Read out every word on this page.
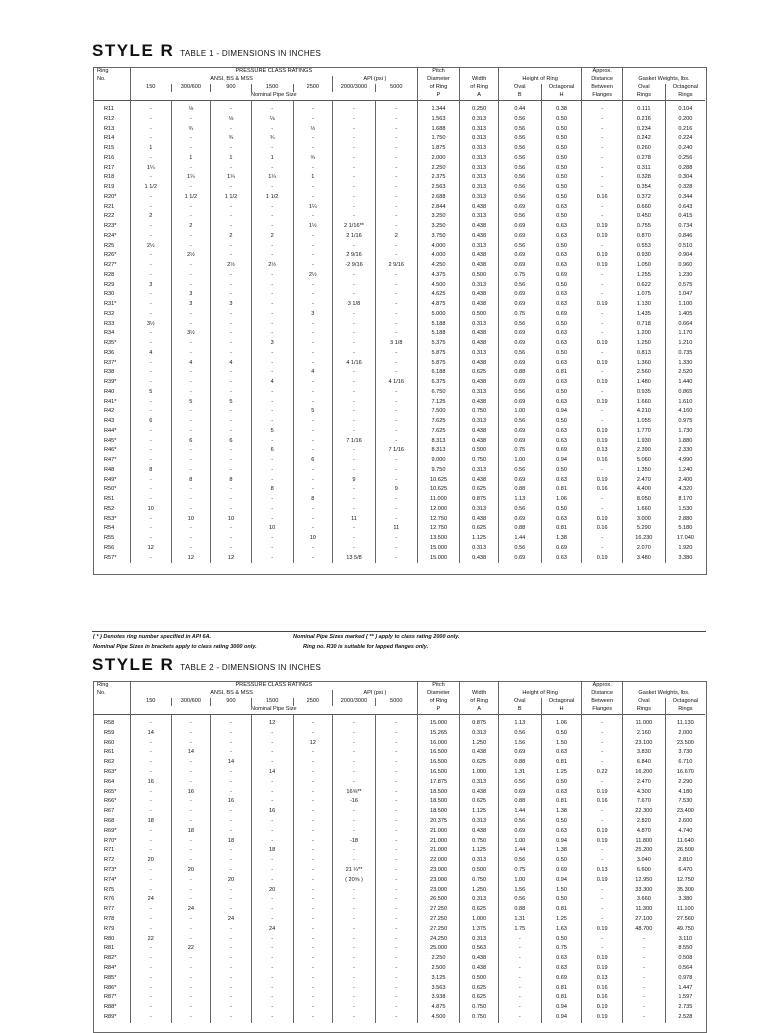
STYLE R TABLE 1 - DIMENSIONS IN INCHES
Ring	PRESSURE CLASS RATINGS							Pitch				Approx.		
No.	ANSI, BS & MSS					API (psi )		Diameter	Width	Height of Ring		Distance	Gasket Weights, lbs.	
	150	300/600	900	1500	2500	2000/3000	5000	of Ring	of Ring	Oval	Octagonal	Between	Oval	Octagonal
	Nominal Pipe Size							P	A	B	H	Flanges	Rings	Rings

R11	-	⅛	-	-	-	-	-	1.344	0.250	0.44	0.38	-	0.111	0.104
R12	-	-	⅛	⅛	-	-	-	1.563	0.313	0.56	0.50	-	0.216	0.200
R13	-	¾	-	-	½	-	-	1.688	0.313	0.56	0.50	-	0.234	0.216
R14	-	-	¾	¾	-	-	-	1.750	0.313	0.56	0.50	-	0.242	0.224
R15	1	-	-	-	-	-	-	1.875	0.313	0.56	0.50	-	0.260	0.240
R16	-	1	1	1	¾	-	-	2.000	0.313	0.56	0.50	-	0.278	0.256
R17	1¼	-	-	-	-	-	-	2.250	0.313	0.56	0.50	-	0.311	0.288
R18	-	1¼	1¼	1¼	1	-	-	2.375	0.313	0.56	0.50	-	0.328	0.304
R19	1 1/2	-	-	-	-	-	-	2.563	0.313	0.56	0.50	-	0.354	0.328
R20*	-	1 1/2	1 1/2	1 1/2	-	-	-	2.688	0.313	0.56	0.50	0.16	0.372	0.344
R21	-	-	-	-	1¼	-	-	2.844	0.438	0.69	0.63	-	0.660	0.643
R22	2	-	-	-	-	-	-	3.250	0.313	0.56	0.50	-	0.450	0.415
R23*	-	2	-	-	1½	2 1/16**	-	3.250	0.438	0.69	0.63	0.19	0.755	0.734
R24*	-	-	2	2	-	2 1/16	2	3.750	0.438	0.69	0.63	0.19	0.870	0.846
R25	2½	-	-	-	-	-	-	4.000	0.313	0.56	0.50	-	0.553	0.510
R26*	-	2½	-	-	-	2 9/16	-	4.000	0.438	0.69	0.63	0.19	0.930	0.904
R27*	-	-	2½	2½	-	-2 9/16	2 9/16	4.250	0.438	0.69	0.63	0.19	1.050	0.960
R28	-	-	-	-	2½	-	-	4.375	0.500	0.75	0.69	-	1.255	1.230
R29	3	-	-	-	-	-	-	4.500	0.313	0.56	0.50	-	0.622	0.575
R30	-	3	-	-	-	-	-	4.625	0.438	0.69	0.63	-	1.075	1.047
R31*	-	3	3	-	-	3 1/8	-	4.875	0.438	0.69	0.63	0.19	1.130	1.100
R32	-	-	-	-	3	-	-	5.000	0.500	0.75	0.69	-	1.435	1.405
R33	3½	-	-	-	-	-	-	5.188	0.313	0.56	0.50	-	0.718	0.664
R34	-	3½	-	-	-	-	-	5.188	0.438	0.69	0.63	-	1.200	1.170
R35*	-	-	-	3	-	-	3 1/8	5.375	0.438	0.69	0.63	0.19	1.250	1.210
R36	4	-	-	-	-	-	-	5.875	0.313	0.56	0.50	-	0.813	0.735
R37*	-	4	4	-	-	4 1/16	-	5.875	0.438	0.69	0.63	0.19	1.360	1.330
R38	-	-	-	-	4	-	-	6.188	0.625	0.88	0.81	-	2.560	2.520
R39*	-	-	-	4	-	-	4 1/16	6.375	0.438	0.69	0.63	0.19	1.480	1.440
R40	5	-	-	-	-	-	-	6.750	0.313	0.56	0.50	-	0.935	0.865
R41*	-	5	5	-	-	-	-	7.125	0.438	0.69	0.63	0.19	1.660	1.610
R42	-	-	-	-	5	-	-	7.500	0.750	1.00	0.94	-	4.210	4.160
R43	6	-	-	-	-	-	-	7.625	0.313	0.56	0.50	-	1.055	0.975
R44*	-	-	-	5	-	-	-	7.625	0.438	0.69	0.63	0.19	1.770	1.730
R45*	-	6	6	-	-	7 1/16	-	8.313	0.438	0.69	0.63	0.19	1.930	1.880
R46*	-	-	-	6	-	-	7 1/16	8.313	0.500	0.75	0.69	0.13	2.390	2.330
R47*	-	-	-	-	6	-	-	9.000	0.750	1.00	0.94	0.16	5.060	4.990
R48	8	-	-	-	-	-	-	9.750	0.313	0.56	0.50	-	1.350	1.240
R49*	-	8	8	-	-	9	-	10.625	0.438	0.69	0.63	0.19	2.470	2.400
R50*	-	-	-	8	-	-	9	10.625	0.625	0.88	0.81	0.16	4.400	4.320
R51	-	-	-	-	8	-	-	11.000	0.875	1.13	1.06	-	8.050	8.170
R52	10	-	-	-	-	-	-	12.000	0.313	0.56	0.50	-	1.660	1.530
R53*	-	10	10	-	-	11	-	12.750	0.438	0.69	0.63	0.19	3.000	2.880
R54	-	-	-	10	-	-	11	12.750	0.625	0.88	0.81	0.16	5.290	5.180
R55	-	-	-	-	10	-	-	13.500	1.125	1.44	1.38	-	16.230	17.040
R56	12	-	-	-	-	-	-	15.000	0.313	0.56	0.69	-	2.070	1.920
R57*	-	12	12	-	-	13 5/8	-	15.000	0.438	0.69	0.63	0.19	3.480	3.380
( * ) Denotes ring number specified in API 6A.	Nominal Pipe Sizes marked ( ** ) apply to class rating 2000 only.
Nominal Pipe Sizes in brackets apply to class rating 3000 only.	Ring no. R30 is suitable for lapped flanges only.
STYLE R TABLE 2 - DIMENSIONS IN INCHES
Ring	PRESSURE CLASS RATINGS							Pitch				Approx.		
No.	ANSI, BS & MSS					API (psi )		Diameter	Width	Height of Ring		Distance	Gasket Weights, lbs.	
	150	300/600	900	1500	2500	2000/3000	5000	of Ring	of Ring	Oval	Octagonal	Between	Oval	Octagonal
	Nominal Pipe Size							P	A	B	H	Flanges	Rings	Rings

R58	-	-	-	12	-	-	-	15.000	0.875	1.13	1.06	-	11.000	11.130
R59	14	-	-	-	-	-	-	15.265	0.313	0.56	0.50	-	2.160	2.000
R60	-	-	-	-	12	-	-	16.000	1.250	1.56	1.50	-	23.100	23.500
R61	-	14	-	-	-	-	-	16.500	0.438	0.69	0.63	-	3.830	3.730
R62	-	-	14	-	-	-	-	16.500	0.625	0.88	0.81	-	6.840	6.710
R63*	-	-	-	14	-	-	-	16.500	1.000	1.31	1.25	0.22	16.200	16.670
R64	16	-	-	-	-	-	-	17.875	0.313	0.56	0.50	-	2.470	2.290
R65*	-	16	-	-	-	16⅝**	-	18.500	0.438	0.69	0.63	0.19	4.300	4.180
R66*	-	-	16	-	-	-16	-	18.500	0.625	0.88	0.81	0.16	7.670	7.530
R67	-	-	-	16	-	-	-	18.500	1.125	1.44	1.38	-	22.300	23.400
R68	18	-	-	-	-	-	-	20.375	0.313	0.56	0.50	-	2.820	2.600
R69*	-	18	-	-	-	-	-	21.000	0.438	0.69	0.63	0.19	4.870	4.740
R70*	-	-	18	-	-	-18	-	21.000	0.750	1.00	0.94	0.19	11.800	11.640
R71	-	-	-	18	-	-	-	21.000	1.125	1.44	1.38	-	25.200	26.500
R72	20	-	-	-	-	-	-	22.000	0.313	0.56	0.50	-	3.040	2.810
R73*	-	20	-	-	-	21 ¼**	-	23.000	0.500	0.75	0.69	0.13	6.600	6.470
R74*	-	-	20	-	-	( 20⅝ )	-	23.000	0.750	1.00	0.94	0.19	12.950	12.750
R75	-	-	-	20	-	-	-	23.000	1.250	1.56	1.50	-	33.300	35.300
R76	24	-	-	-	-	-	-	26.500	0.313	0.56	0.50	-	3.660	3.380
R77	-	24	-	-	-	-	-	27.250	0.625	0.88	0.81	-	11.300	11.100
R78	-	-	24	-	-	-	-	27.250	1.000	1.31	1.25	-	27.100	27.560
R79	-	-	-	24	-	-	-	27.250	1.375	1.75	1.63	0.19	48.700	49.750
R80	22	-	-	-	-	-	-	24.250	0.313	-	0.50	-	-	3.110
R81	-	22	-	-	-	-	-	25.000	0.563	-	0.75	-	-	8.550
R82*	-	-	-	-	-	-	-	2.250	0.438	-	0.63	0.19	-	0.508
R84*	-	-	-	-	-	-	-	2.500	0.438	-	0.63	0.19	-	0.564
R85*	-	-	-	-	-	-	-	3.125	0.500	-	0.69	0.13	-	0.978
R86*	-	-	-	-	-	-	-	3.563	0.625	-	0.81	0.16	-	1.447
R87*	-	-	-	-	-	-	-	3.938	0.625	-	0.81	0.16	-	1.597
R88*	-	-	-	-	-	-	-	4.875	0.750	-	0.94	0.19	-	2.735
R89*	-	-	-	-	-	-	-	4.500	0.750	-	0.94	0.19	-	2.528
